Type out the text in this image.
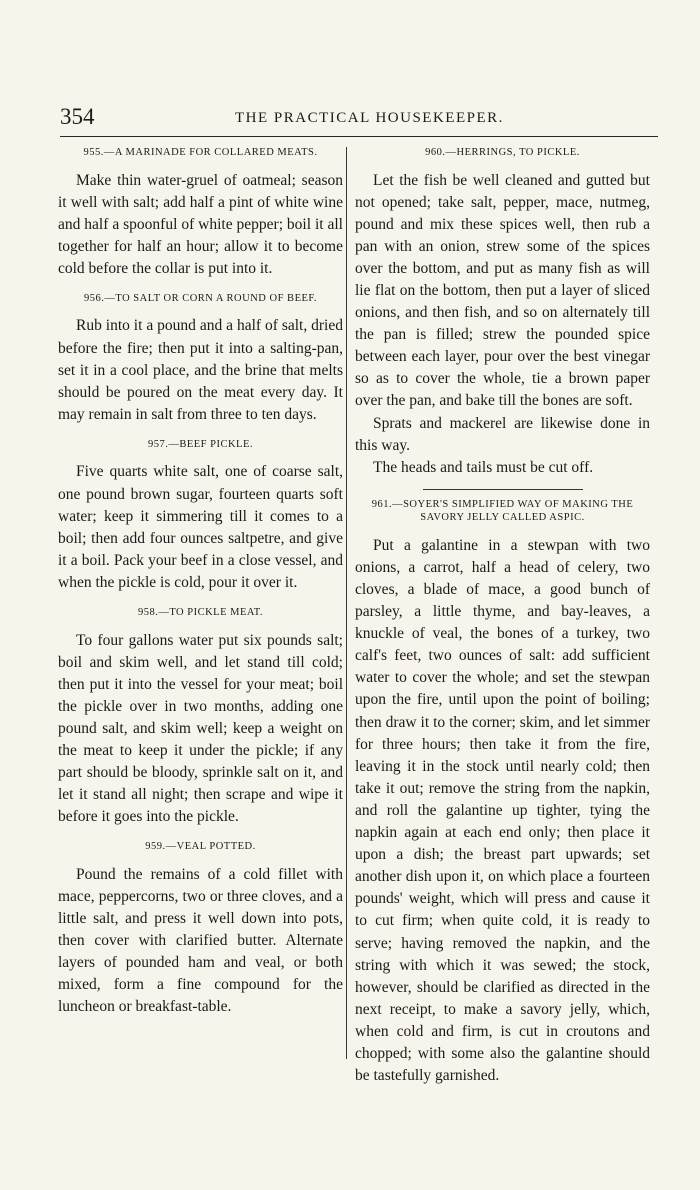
354	THE PRACTICAL HOUSEKEEPER.
955.—A MARINADE FOR COLLARED MEATS.

Make thin water-gruel of oatmeal; season it well with salt; add half a pint of white wine and half a spoonful of white pepper; boil it all together for half an hour; allow it to become cold before the collar is put into it.

956.—TO SALT OR CORN A ROUND OF BEEF.

Rub into it a pound and a half of salt, dried before the fire; then put it into a salting-pan, set it in a cool place, and the brine that melts should be poured on the meat every day. It may remain in salt from three to ten days.

957.—BEEF PICKLE.

Five quarts white salt, one of coarse salt, one pound brown sugar, fourteen quarts soft water; keep it simmering till it comes to a boil; then add four ounces saltpetre, and give it a boil. Pack your beef in a close vessel, and when the pickle is cold, pour it over it.

958.—TO PICKLE MEAT.

To four gallons water put six pounds salt; boil and skim well, and let stand till cold; then put it into the vessel for your meat; boil the pickle over in two months, adding one pound salt, and skim well; keep a weight on the meat to keep it under the pickle; if any part should be bloody, sprinkle salt on it, and let it stand all night; then scrape and wipe it before it goes into the pickle.

959.—VEAL POTTED.

Pound the remains of a cold fillet with mace, peppercorns, two or three cloves, and a little salt, and press it well down into pots, then cover with clarified butter. Alternate layers of pounded ham and veal, or both mixed, form a fine compound for the luncheon or breakfast-table.

960.—HERRINGS, TO PICKLE.

Let the fish be well cleaned and gutted but not opened; take salt, pepper, mace, nutmeg, pound and mix these spices well, then rub a pan with an onion, strew some of the spices over the bottom, and put as many fish as will lie flat on the bottom, then put a layer of sliced onions, and then fish, and so on alternately till the pan is filled; strew the pounded spice between each layer, pour over the best vinegar so as to cover the whole, tie a brown paper over the pan, and bake till the bones are soft.

Sprats and mackerel are likewise done in this way.

The heads and tails must be cut off.

961.—SOYER'S SIMPLIFIED WAY OF MAKING THE SAVORY JELLY CALLED ASPIC.

Put a galantine in a stewpan with two onions, a carrot, half a head of celery, two cloves, a blade of mace, a good bunch of parsley, a little thyme, and bay-leaves, a knuckle of veal, the bones of a turkey, two calf's feet, two ounces of salt: add sufficient water to cover the whole; and set the stewpan upon the fire, until upon the point of boiling; then draw it to the corner; skim, and let simmer for three hours; then take it from the fire, leaving it in the stock until nearly cold; then take it out; remove the string from the napkin, and roll the galantine up tighter, tying the napkin again at each end only; then place it upon a dish; the breast part upwards; set another dish upon it, on which place a fourteen pounds' weight, which will press and cause it to cut firm; when quite cold, it is ready to serve; having removed the napkin, and the string with which it was sewed; the stock, however, should be clarified as directed in the next receipt, to make a savory jelly, which, when cold and firm, is cut in croutons and chopped; with some also the galantine should be tastefully garnished.
